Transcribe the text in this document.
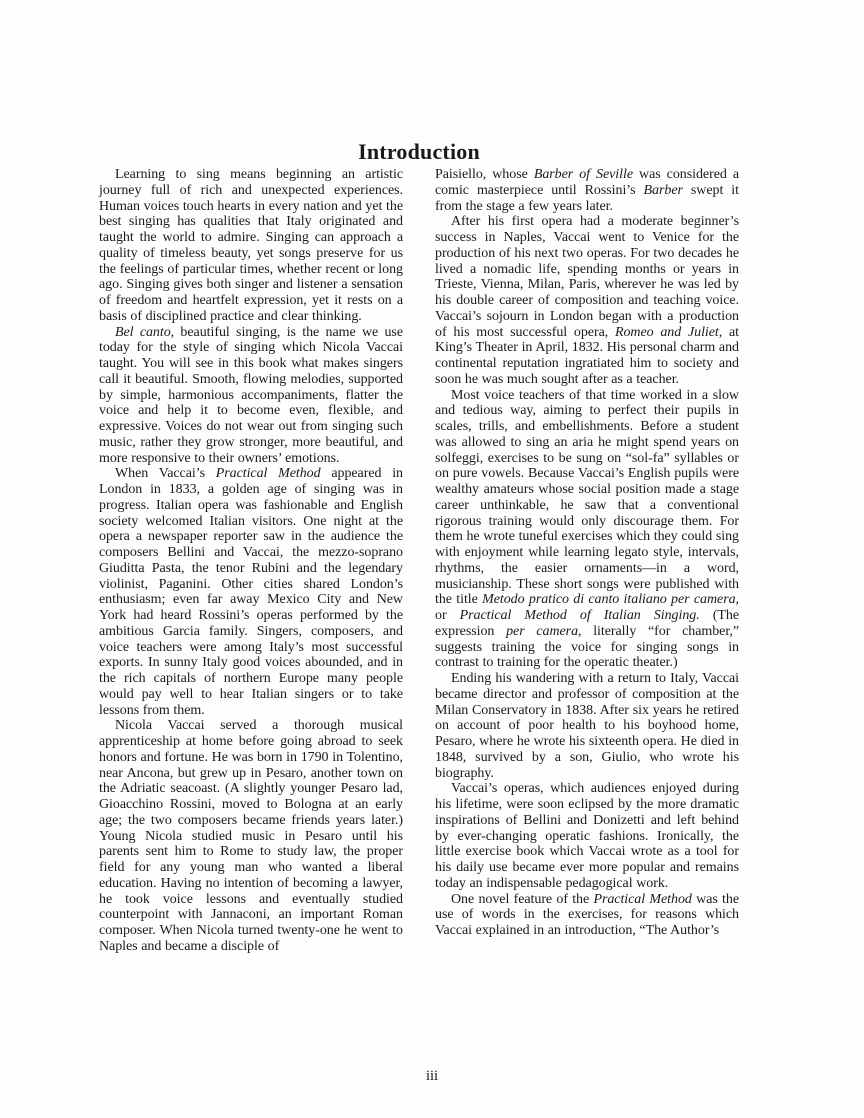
Introduction

Learning to sing means beginning an artistic journey full of rich and unexpected experiences. Human voices touch hearts in every nation and yet the best singing has qualities that Italy originated and taught the world to admire. Singing can approach a quality of timeless beauty, yet songs preserve for us the feelings of particular times, whether recent or long ago. Singing gives both singer and listener a sensation of freedom and heartfelt expression, yet it rests on a basis of disciplined practice and clear thinking.

Bel canto, beautiful singing, is the name we use today for the style of singing which Nicola Vaccai taught. You will see in this book what makes singers call it beautiful. Smooth, flowing melodies, supported by simple, harmonious accompaniments, flatter the voice and help it to become even, flexible, and expressive. Voices do not wear out from singing such music, rather they grow stronger, more beautiful, and more responsive to their owners’ emotions.

When Vaccai’s Practical Method appeared in London in 1833, a golden age of singing was in progress. Italian opera was fashionable and English society welcomed Italian visitors. One night at the opera a newspaper reporter saw in the audience the composers Bellini and Vaccai, the mezzo-soprano Giuditta Pasta, the tenor Rubini and the legendary violinist, Paganini. Other cities shared London’s enthusiasm; even far away Mexico City and New York had heard Rossini’s operas performed by the ambitious Garcia family. Singers, composers, and voice teachers were among Italy’s most successful exports. In sunny Italy good voices abounded, and in the rich capitals of northern Europe many people would pay well to hear Italian singers or to take lessons from them.

Nicola Vaccai served a thorough musical apprenticeship at home before going abroad to seek honors and fortune. He was born in 1790 in Tolentino, near Ancona, but grew up in Pesaro, another town on the Adriatic seacoast. (A slightly younger Pesaro lad, Gioacchino Rossini, moved to Bologna at an early age; the two composers became friends years later.) Young Nicola studied music in Pesaro until his parents sent him to Rome to study law, the proper field for any young man who wanted a liberal education. Having no intention of becoming a lawyer, he took voice lessons and eventually studied counterpoint with Jannaconi, an important Roman composer. When Nicola turned twenty-one he went to Naples and became a disciple of

Paisiello, whose Barber of Seville was considered a comic masterpiece until Rossini’s Barber swept it from the stage a few years later.

After his first opera had a moderate beginner’s success in Naples, Vaccai went to Venice for the production of his next two operas. For two decades he lived a nomadic life, spending months or years in Trieste, Vienna, Milan, Paris, wherever he was led by his double career of composition and teaching voice. Vaccai’s sojourn in London began with a production of his most successful opera, Romeo and Juliet, at King’s Theater in April, 1832. His personal charm and continental reputation ingratiated him to society and soon he was much sought after as a teacher.

Most voice teachers of that time worked in a slow and tedious way, aiming to perfect their pupils in scales, trills, and embellishments. Before a student was allowed to sing an aria he might spend years on solfeggi, exercises to be sung on “sol-fa” syllables or on pure vowels. Because Vaccai’s English pupils were wealthy amateurs whose social position made a stage career unthinkable, he saw that a conventional rigorous training would only discourage them. For them he wrote tuneful exercises which they could sing with enjoyment while learning legato style, intervals, rhythms, the easier ornaments—in a word, musicianship. These short songs were published with the title Metodo pratico di canto italiano per camera, or Practical Method of Italian Singing. (The expression per camera, literally “for chamber,” suggests training the voice for singing songs in contrast to training for the operatic theater.)

Ending his wandering with a return to Italy, Vaccai became director and professor of composition at the Milan Conservatory in 1838. After six years he retired on account of poor health to his boyhood home, Pesaro, where he wrote his sixteenth opera. He died in 1848, survived by a son, Giulio, who wrote his biography.

Vaccai’s operas, which audiences enjoyed during his lifetime, were soon eclipsed by the more dramatic inspirations of Bellini and Donizetti and left behind by ever-changing operatic fashions. Ironically, the little exercise book which Vaccai wrote as a tool for his daily use became ever more popular and remains today an indispensable pedagogical work.

One novel feature of the Practical Method was the use of words in the exercises, for reasons which Vaccai explained in an introduction, “The Author’s

iii
